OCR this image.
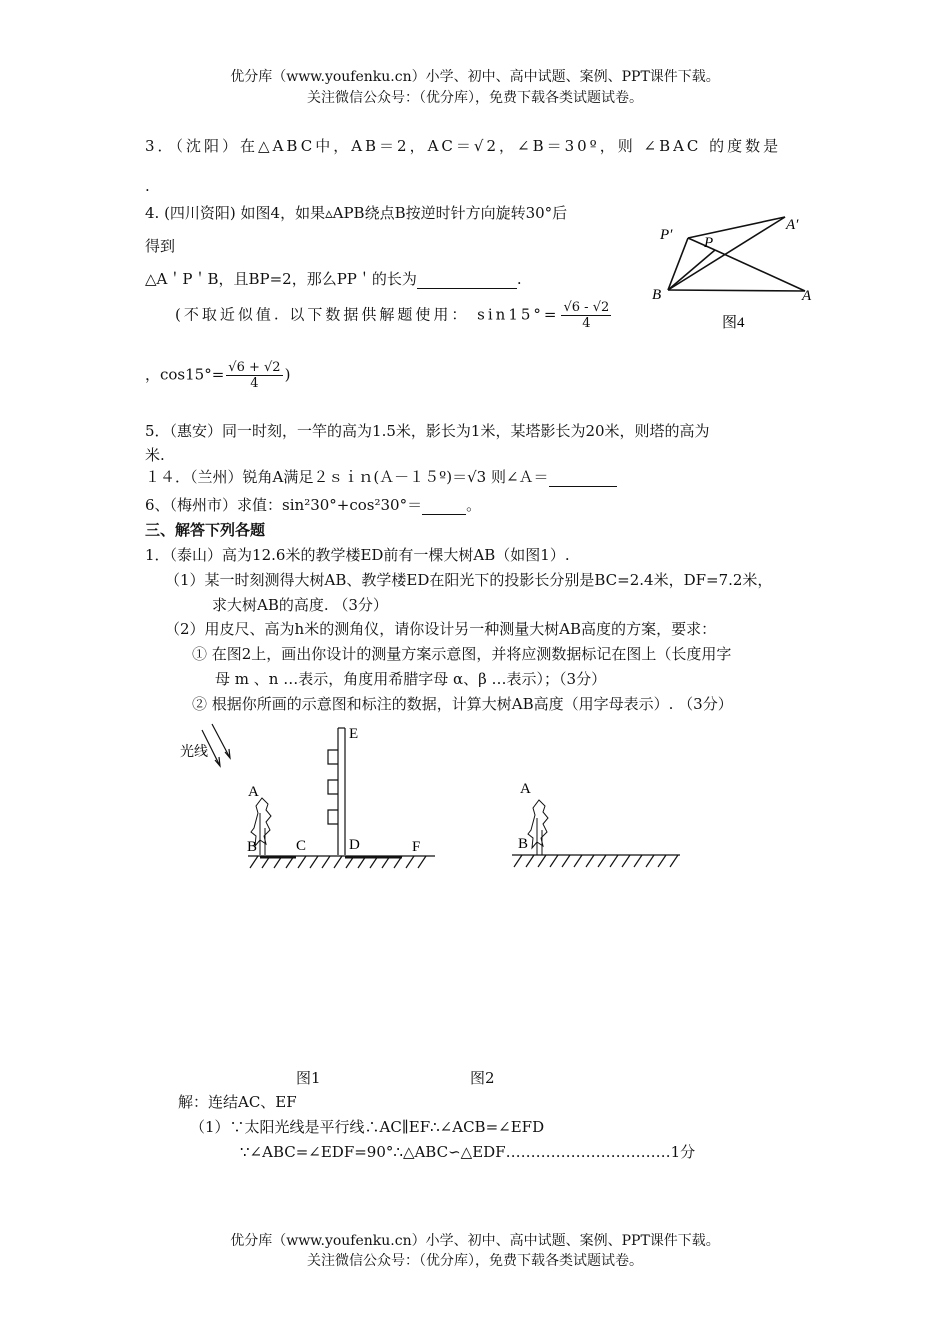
优分库（www.youfenku.cn）小学、初中、高中试题、案例、PPT课件下载。
关注微信公众号：（优分库），免费下载各类试题试卷。
3．（沈阳）在△ABC中，AB＝2，AC＝√2，∠B＝30º，则 ∠BAC 的度数是
.
4. (四川资阳) 如图4，如果▵APB绕点B按逆时针方向旋转30°后
得到
△A＇P＇B，且BP=2，那么PP＇的长为	.
(不取近似值. 以下数据供解题使用： $\sin 15^\circ= \frac{√6 - √2}{4}$
，$\cos 15^\circ= \frac{√6 + √2}{4}$ )
P′ P
A′
B	A
图4
5．（惠安）同一时刻，一竿的高为1.5米，影长为1米，某塔影长为20米，则塔的高为
米.
１４．（兰州）锐角A满足２ｓｉｎ(Ａ－１５º)＝√3 则∠Ａ＝
6、（梅州市）求值：sin²30°+cos²30°＝	。
三、解答下列各题
1．（泰山）高为12.6米的教学楼ED前有一棵大树AB（如图1）.
（1）某一时刻测得大树AB、教学楼ED在阳光下的投影长分别是BC=2.4米，DF=7.2米，
求大树AB的高度. （3分）
（2）用皮尺、高为h米的测角仪，请你设计另一种测量大树AB高度的方案，要求：
① 在图2上，画出你设计的测量方案示意图，并将应测数据标记在图上（长度用字
母 m 、n …表示，角度用希腊字母 α、β …表示）；（3分）
② 根据你所画的示意图和标注的数据，计算大树AB高度（用字母表示）. （3分）
光线
E
A
B	C	D	F
A
B
图1	图2
解：连结AC、EF
（1）∵太阳光线是平行线∴AC∥EF∴∠ACB=∠EFD
∵∠ABC=∠EDF=90°∴△ABC∽△EDF……………………………1分
优分库（www.youfenku.cn）小学、初中、高中试题、案例、PPT课件下载。
关注微信公众号：（优分库），免费下载各类试题试卷。
